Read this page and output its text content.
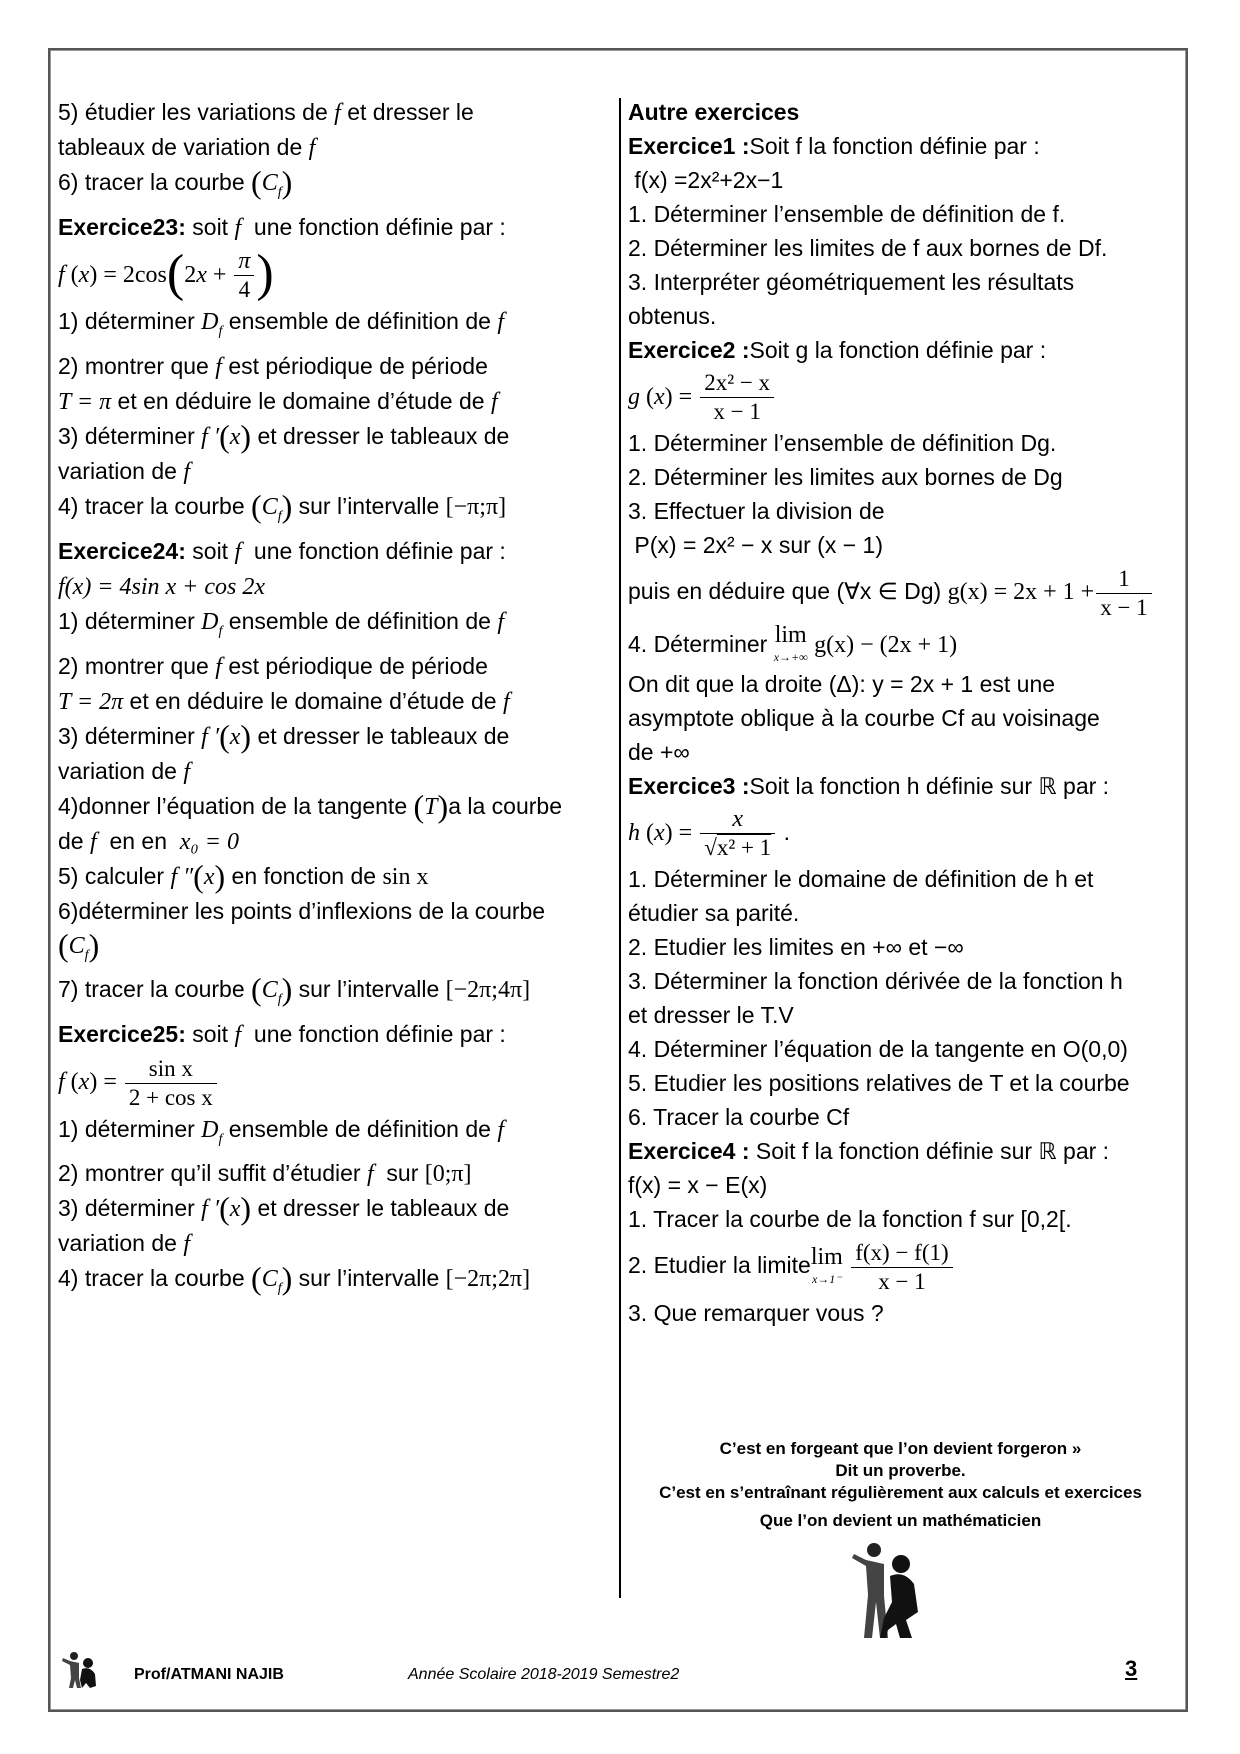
5) étudier les variations de f et dresser le
tableaux de variation de f
6) tracer la courbe $(C_f)$
Exercice23: soit f une fonction définie par :
f $(x) = 2\cos(2x + \frac{\pi}{4}$ )
1) déterminer $D_f$ ensemble de définition de f
2) montrer que f est périodique de période
T = π et en déduire le domaine d’étude de f
3) déterminer f ′(x) et dresser le tableaux de
variation de f
4) tracer la courbe $(C_f)$ sur l’intervalle [−π;π]
Exercice24: soit f une fonction définie par :
f(x) = 4sin x + cos 2x
1) déterminer $D_f$ ensemble de définition de f
2) montrer que f est périodique de période
T = 2π et en déduire le domaine d’étude de f
3) déterminer f ′(x) et dresser le tableaux de
variation de f
4)donner l’équation de la tangente (T)a la courbe
de f en en x₀ = 0
5) calculer f ″(x) en fonction de sin x
6)déterminer les points d’inflexions de la courbe
$(C_f)$
7) tracer la courbe $(C_f)$ sur l’intervalle [−2π;4π]
Exercice25: soit f une fonction définie par :
f $(x) = \frac{\text{sin x}}{\text{2 + cos x}}$
1) déterminer $D_f$ ensemble de définition de f
2) montrer qu’il suffit d’étudier f sur [0;π]
3) déterminer f ′(x) et dresser le tableaux de
variation de f
4) tracer la courbe $(C_f)$ sur l’intervalle [−2π;2π]
Autre exercices
Exercice1 :Soit f la fonction définie par :
f(x) =2x²+2x−1
1. Déterminer l’ensemble de définition de f.
2. Déterminer les limites de f aux bornes de Df.
3. Interpréter géométriquement les résultats
obtenus.
Exercice2 :Soit g la fonction définie par :
g $(x) = \frac{\text{2x² − x}}{x - 1}$
1. Déterminer l’ensemble de définition Dg.
2. Déterminer les limites aux bornes de Dg
3. Effectuer la division de
P(x) = 2x² − x sur (x − 1)
puis en déduire que (∀x ∈ Dg) $g(x) = 2x + 1 + \frac{1}{x - 1}$
4. Déterminer lim
x→+∞ g(x) − (2x + 1)
On dit que la droite (Δ): y = 2x + 1 est une
asymptote oblique à la courbe Cf au voisinage
de +∞
Exercice3 :Soit la fonction h définie sur ℝ par :
h $(x) = \frac{x}{\text{√x² + 1}}$ .
1. Déterminer le domaine de définition de h et
étudier sa parité.
2. Etudier les limites en +∞ et −∞
3. Déterminer la fonction dérivée de la fonction h
et dresser le T.V
4. Déterminer l’équation de la tangente en O(0,0)
5. Etudier les positions relatives de T et la courbe
6. Tracer la courbe Cf
Exercice4 : Soit f la fonction définie sur ℝ par :
f(x) = x − E(x)
1. Tracer la courbe de la fonction f sur [0,2[.
2. Etudier la limitelim
$x\to 1^- \frac{f(x) - f(1)}{x - 1}$
3. Que remarquer vous ?
C’est en forgeant que l’on devient forgeron »
Dit un proverbe.
C’est en s’entraînant régulièrement aux calculs et exercices
Que l’on devient un mathématicien
Prof/ATMANI NAJIB	Année Scolaire 2018-2019 Semestre2	3
